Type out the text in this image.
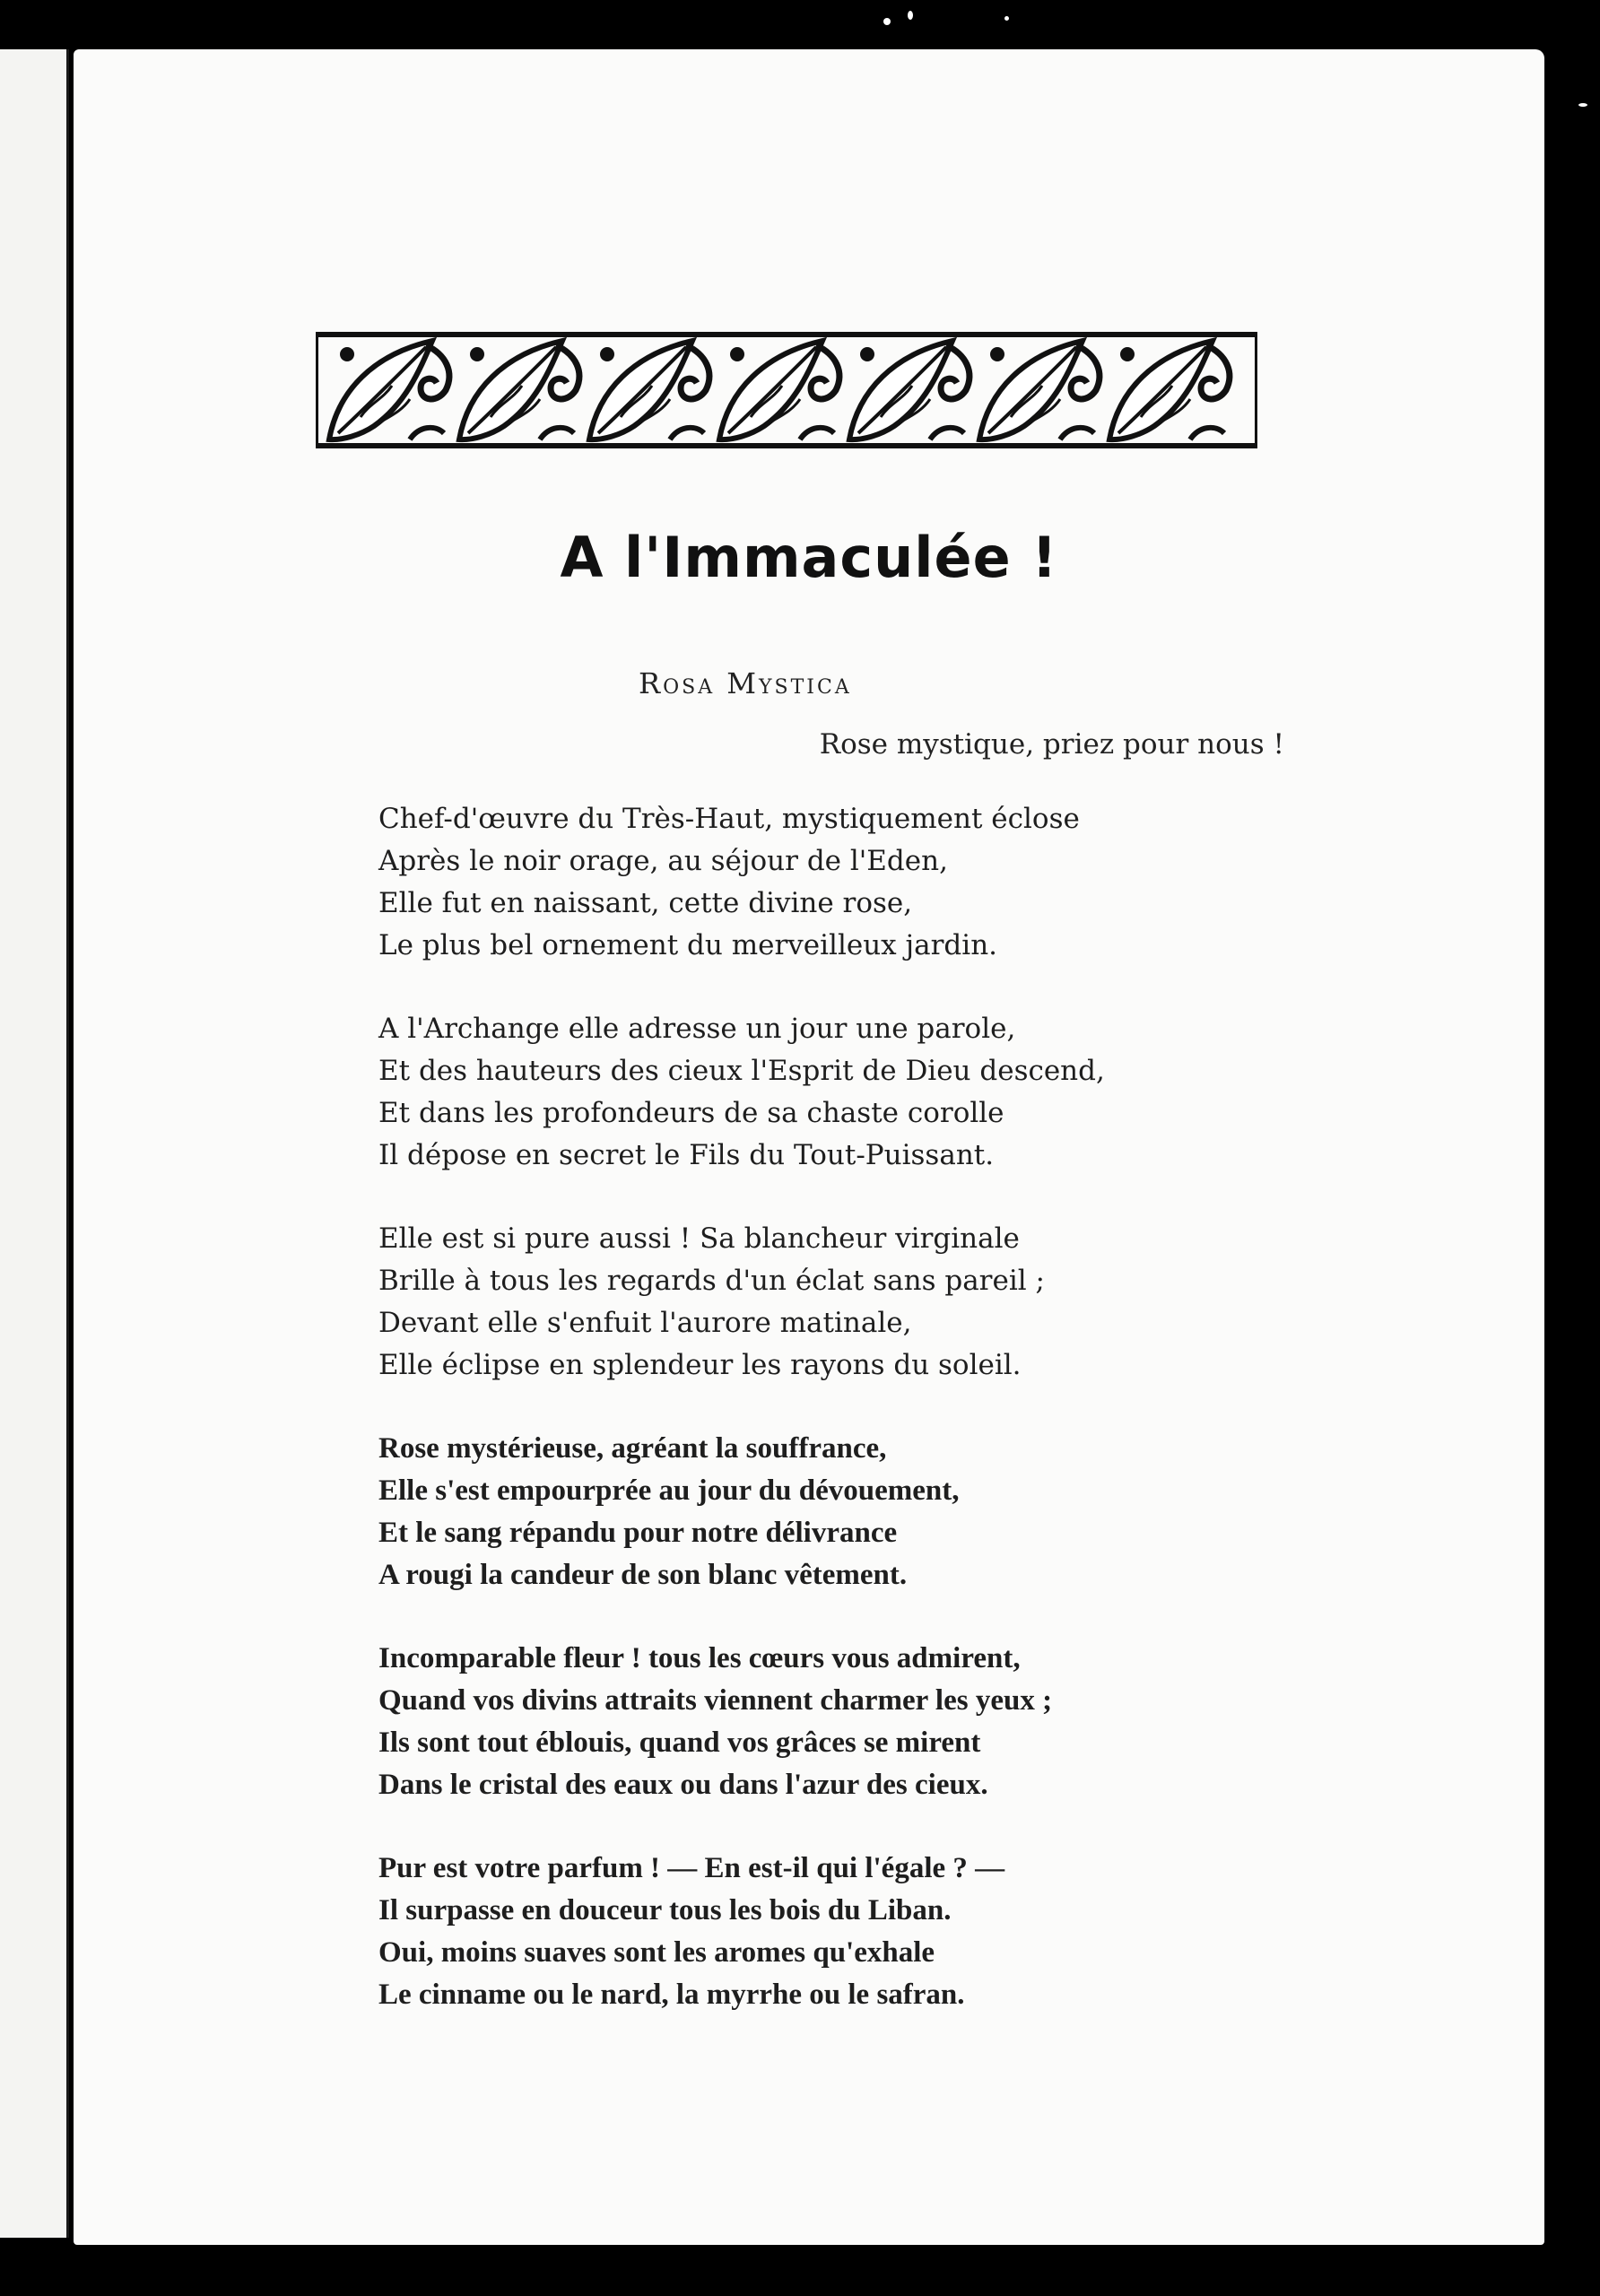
A l'Immaculée !
Rosa Mystica
Rose mystique, priez pour nous !
Chef-d'œuvre du Très-Haut, mystiquement éclose
Après le noir orage, au séjour de l'Eden,
Elle fut en naissant, cette divine rose,
Le plus bel ornement du merveilleux jardin.
A l'Archange elle adresse un jour une parole,
Et des hauteurs des cieux l'Esprit de Dieu descend,
Et dans les profondeurs de sa chaste corolle
Il dépose en secret le Fils du Tout-Puissant.
Elle est si pure aussi ! Sa blancheur virginale
Brille à tous les regards d'un éclat sans pareil ;
Devant elle s'enfuit l'aurore matinale,
Elle éclipse en splendeur les rayons du soleil.
Rose mystérieuse, agréant la souffrance,
Elle s'est empourprée au jour du dévouement,
Et le sang répandu pour notre délivrance
A rougi la candeur de son blanc vêtement.
Incomparable fleur ! tous les cœurs vous admirent,
Quand vos divins attraits viennent charmer les yeux ;
Ils sont tout éblouis, quand vos grâces se mirent
Dans le cristal des eaux ou dans l'azur des cieux.
Pur est votre parfum ! — En est-il qui l'égale ? —
Il surpasse en douceur tous les bois du Liban.
Oui, moins suaves sont les aromes qu'exhale
Le cinname ou le nard, la myrrhe ou le safran.
